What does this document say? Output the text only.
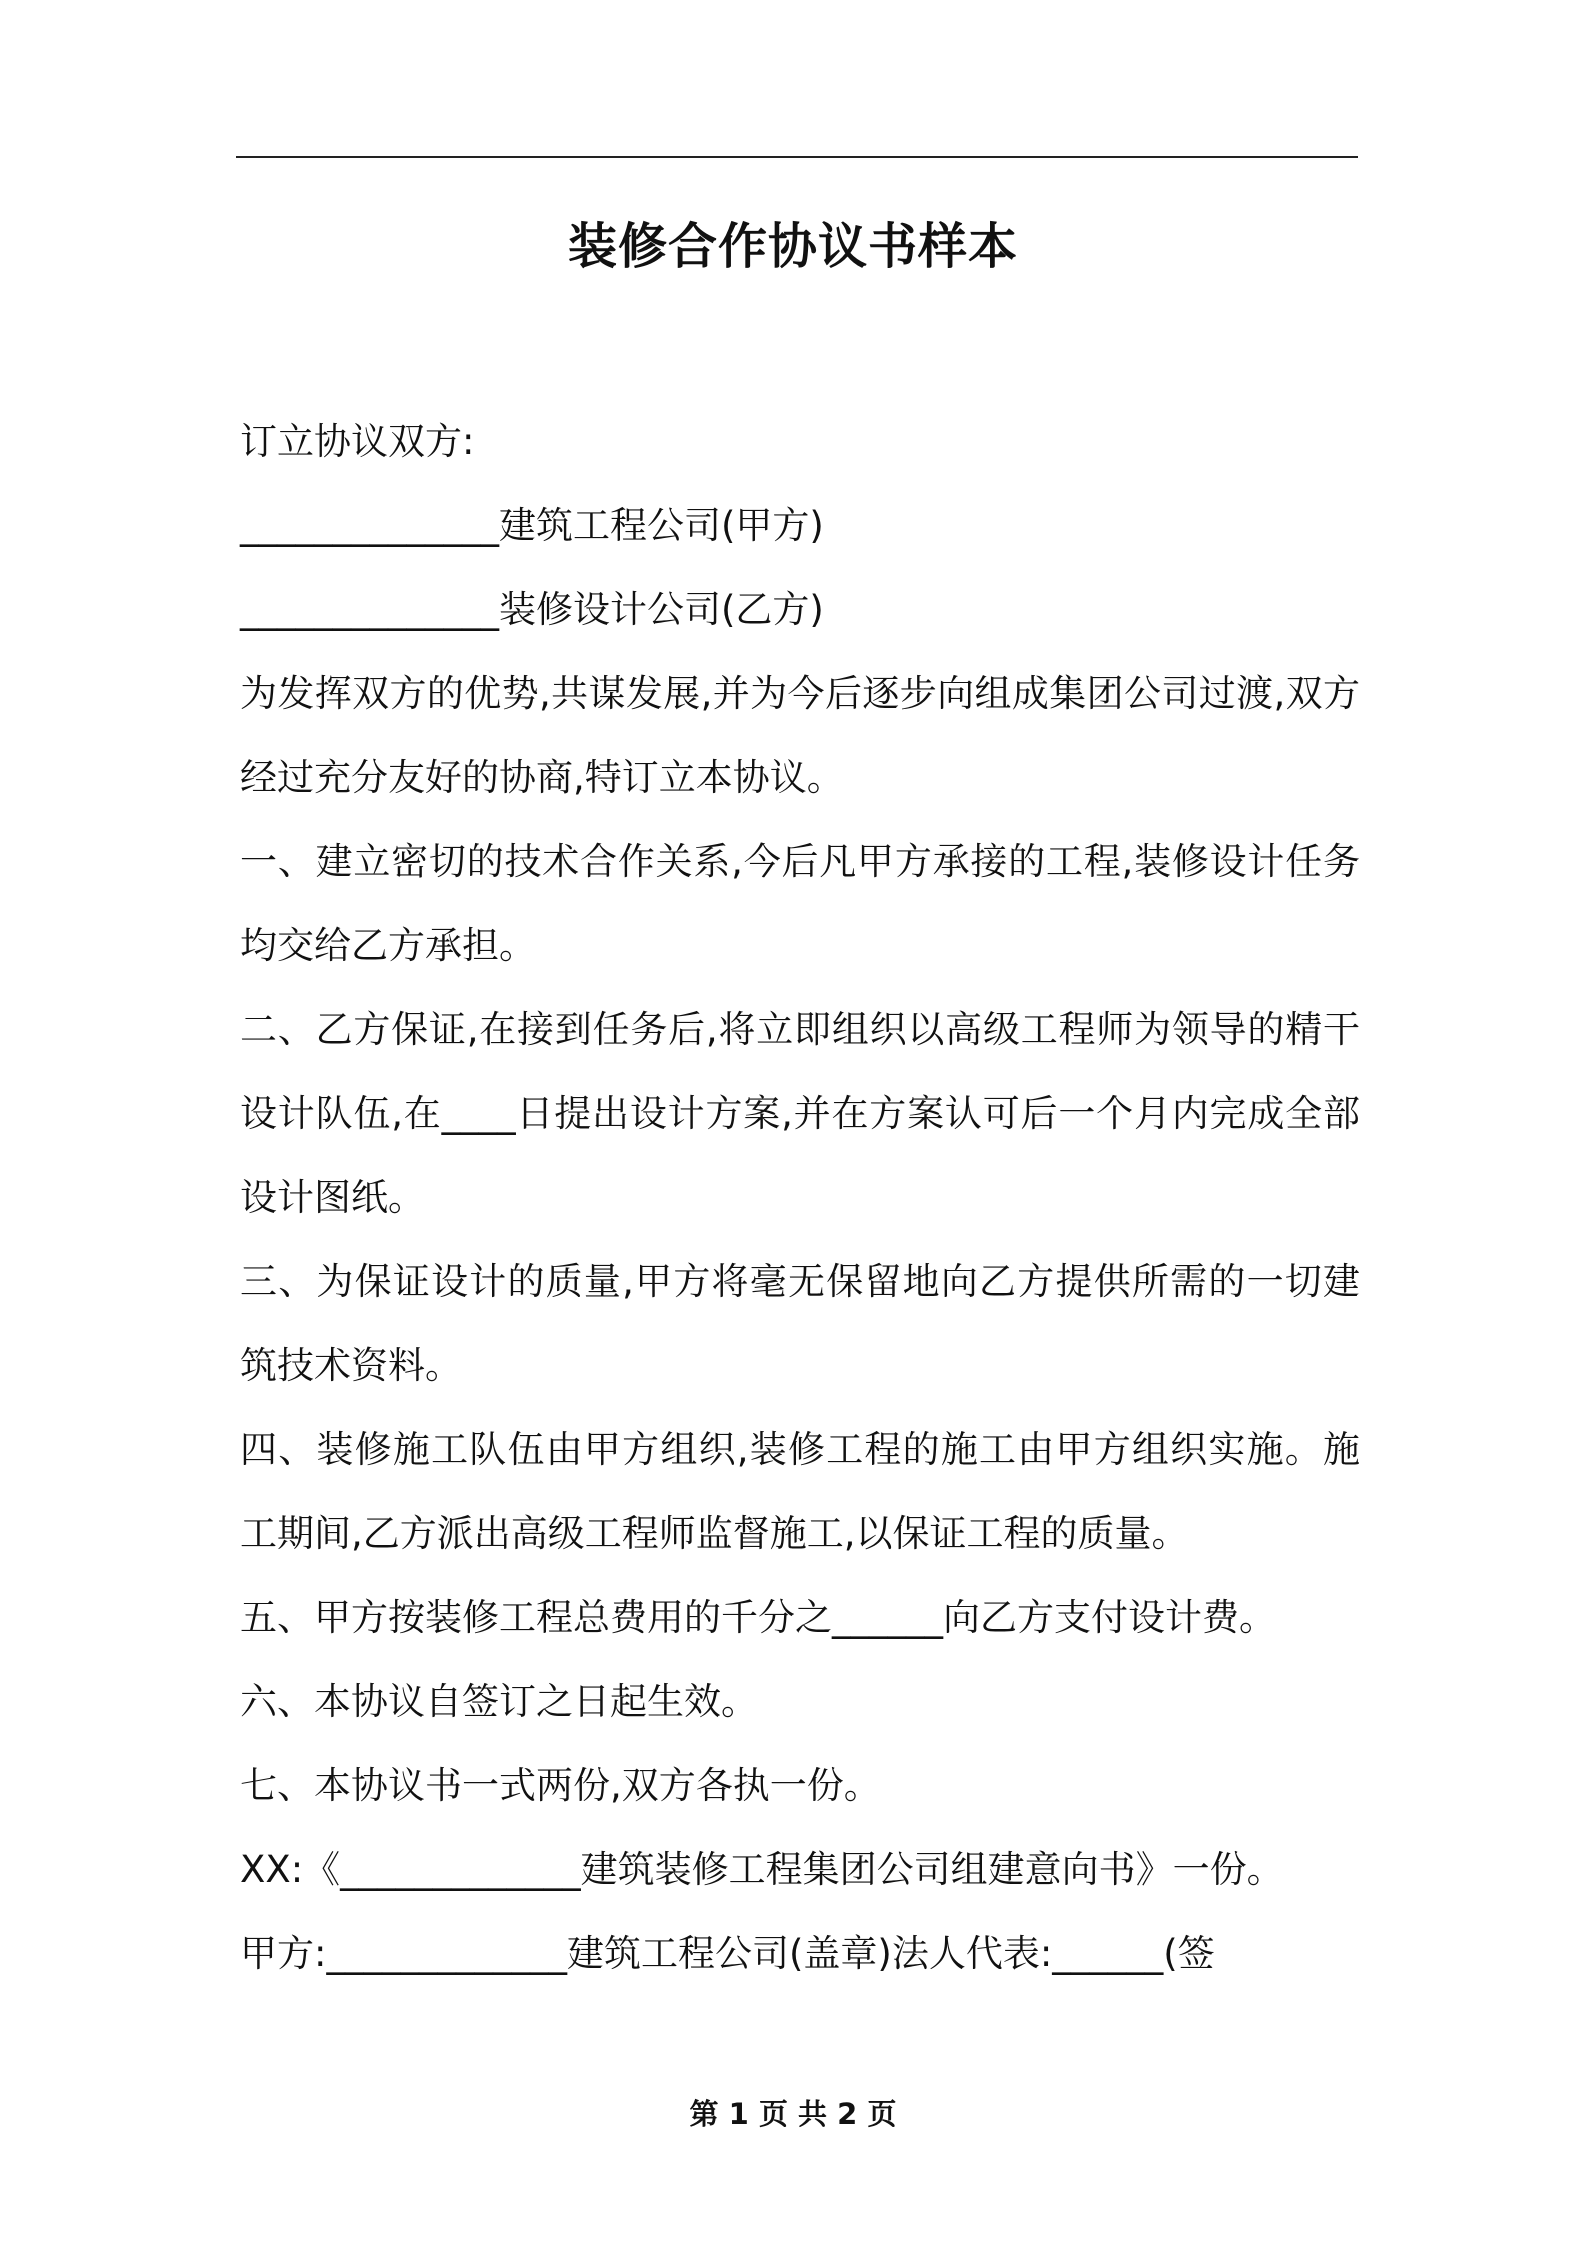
装修合作协议书样本

订立协议双方:

______________建筑工程公司(甲方)

______________装修设计公司(乙方)

为发挥双方的优势,共谋发展,并为今后逐步向组成集团公司过渡,双方经过充分友好的协商,特订立本协议。

一、建立密切的技术合作关系,今后凡甲方承接的工程,装修设计任务均交给乙方承担。

二、乙方保证,在接到任务后,将立即组织以高级工程师为领导的精干设计队伍,在____日提出设计方案,并在方案认可后一个月内完成全部设计图纸。

三、为保证设计的质量,甲方将毫无保留地向乙方提供所需的一切建筑技术资料。

四、装修施工队伍由甲方组织,装修工程的施工由甲方组织实施。施工期间,乙方派出高级工程师监督施工,以保证工程的质量。

五、甲方按装修工程总费用的千分之______向乙方支付设计费。

六、本协议自签订之日起生效。

七、本协议书一式两份,双方各执一份。

XX:《_____________建筑装修工程集团公司组建意向书》一份。

甲方:_____________建筑工程公司(盖章)法人代表:______(签

第 1 页 共 2 页
